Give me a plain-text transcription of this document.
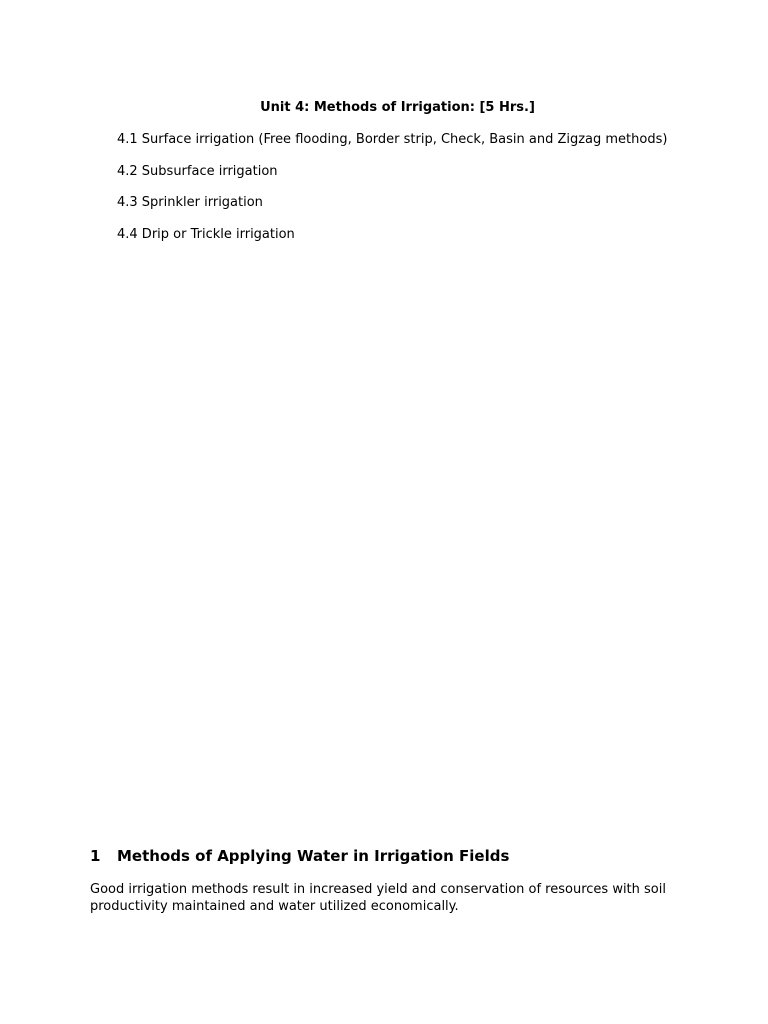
Unit 4: Methods of Irrigation: [5 Hrs.]
4.1 Surface irrigation (Free flooding, Border strip, Check, Basin and Zigzag methods)
4.2 Subsurface irrigation
4.3 Sprinkler irrigation
4.4 Drip or Trickle irrigation
1 Methods of Applying Water in Irrigation Fields

Good irrigation methods result in increased yield and conservation of resources with soil productivity maintained and water utilized economically.
